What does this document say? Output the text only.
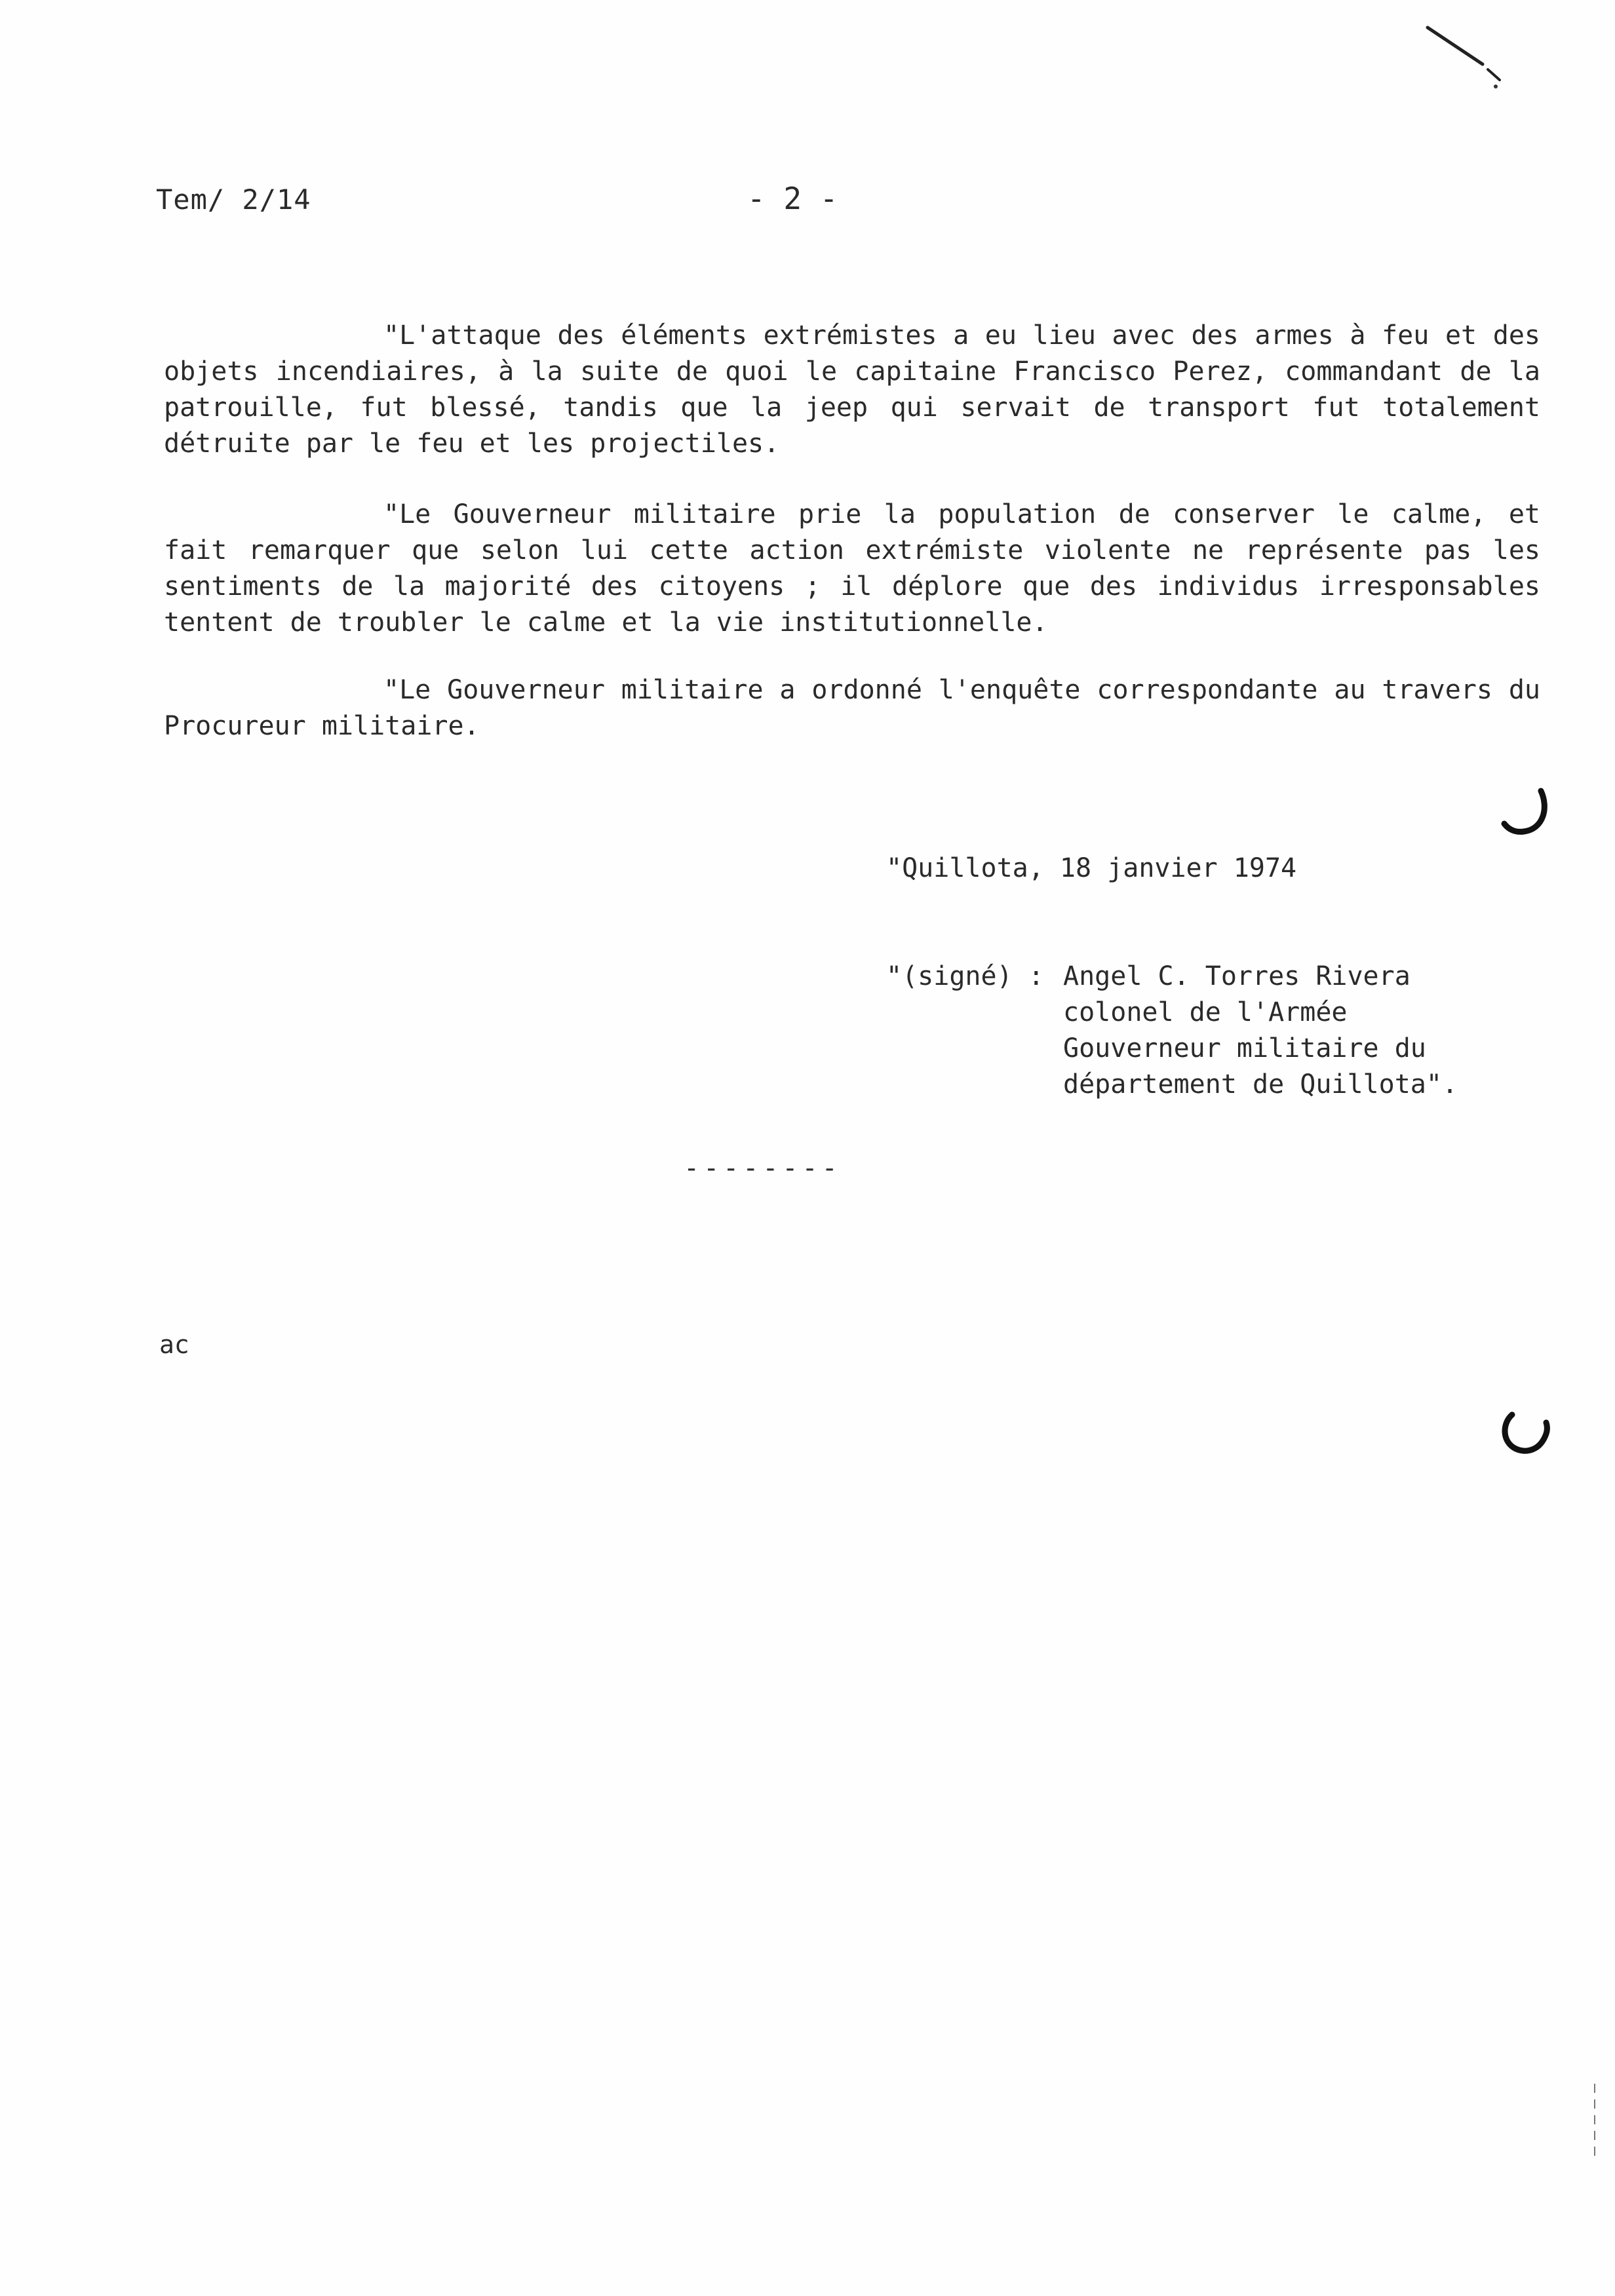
Tem/ 2/14	- 2 -
"L'attaque des éléments extrémistes a eu lieu avec des armes à feu et des objets incendiaires, à la suite de quoi le capitaine Francisco Perez, commandant de la patrouille, fut blessé, tandis que la jeep qui servait de transport fut totalement détruite par le feu et les projectiles.
"Le Gouverneur militaire prie la population de conserver le calme, et fait remarquer que selon lui cette action extrémiste violente ne représente pas les sentiments de la majorité des citoyens ; il déplore que des individus irresponsables tentent de troubler le calme et la vie institutionnelle.
"Le Gouverneur militaire a ordonné l'enquête correspondante au travers du Procureur militaire.

"Quillota, 18 janvier 1974

"(signé) : Angel C. Torres Rivera
colonel de l'Armée
Gouverneur militaire du
département de Quillota".

--------
ac
